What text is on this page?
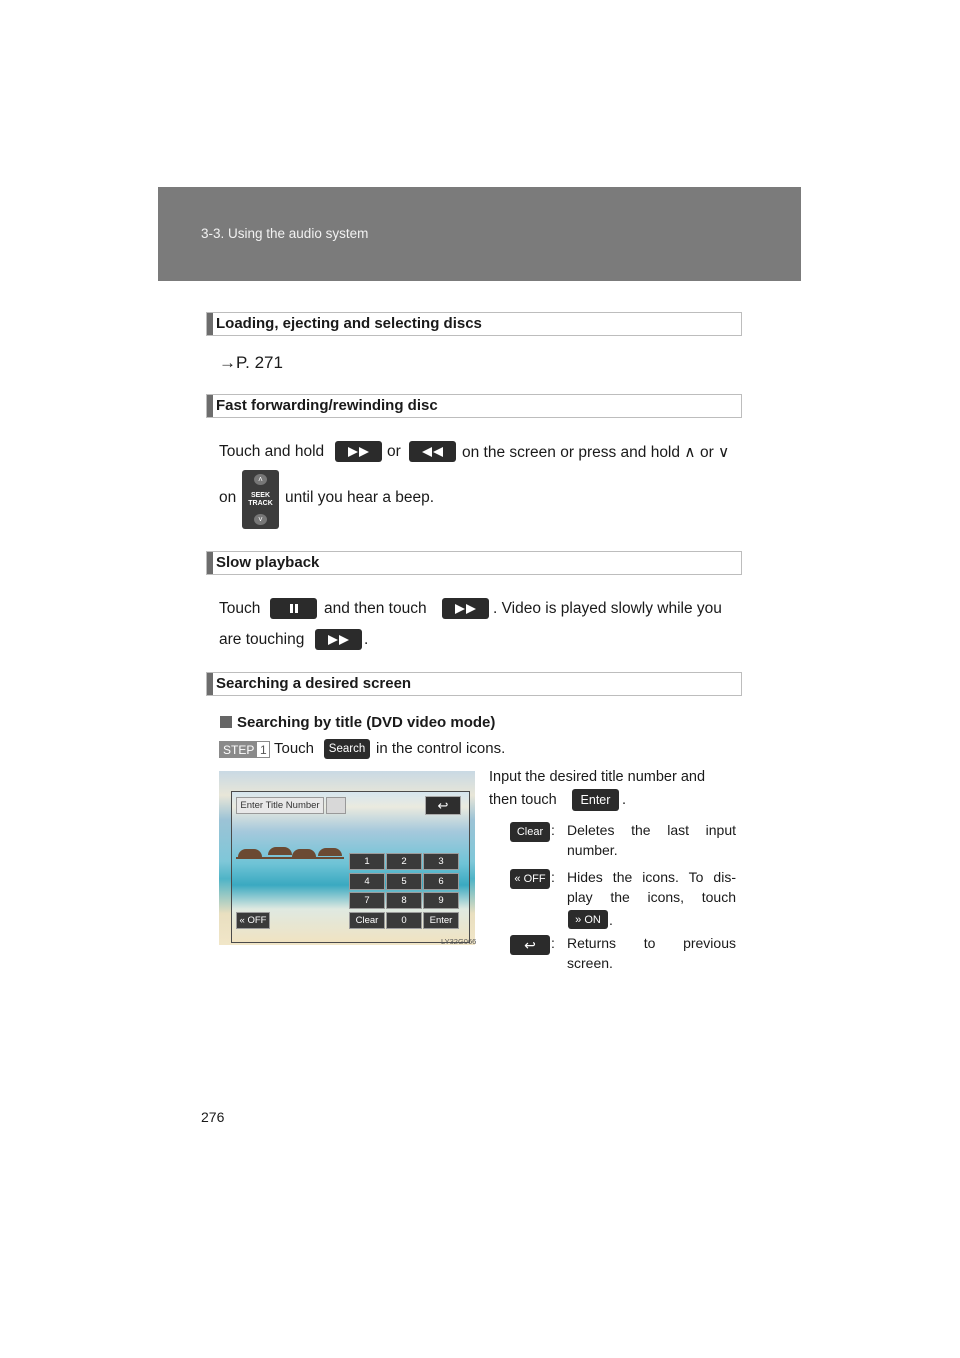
3-3. Using the audio system
Loading, ejecting and selecting discs
→P. 271
Fast forwarding/rewinding disc
Touch and hold	or	on the screen or press and hold ∧ or ∨
on
˄
SEEK
TRACK
˅
until you hear a beep.
Slow playback
Touch	and then touch	. Video is played slowly while you
are touching	.
Searching a desired screen
Searching by title (DVD video mode)
STEP 1 Touch	Search in the control icons.
Enter Title Number	↩
1	2	3
4	5	6
7	8	9
Clear	0	Enter
« OFF
LY32G066
Input the desired title number and
then touch	Enter .
Clear : Deletes the last input
number.
« OFF : Hides the icons. To dis-
play the icons, touch
» ON .
↩	: Returns to previous
screen.
276
